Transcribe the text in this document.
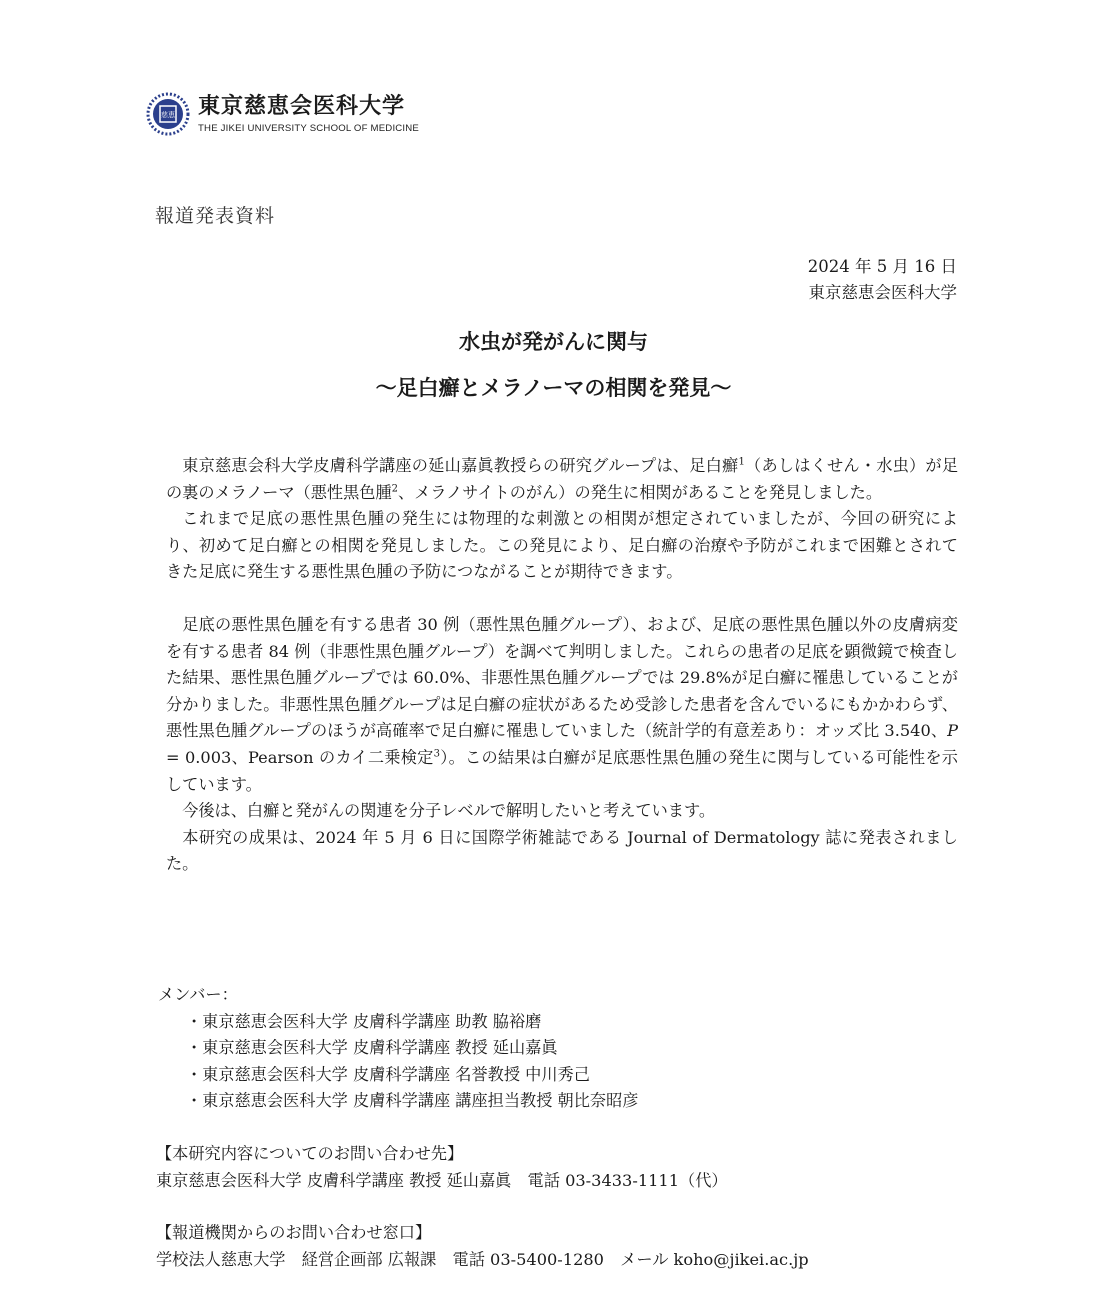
慈恵 東京慈恵会医科大学
THE JIKEI UNIVERSITY SCHOOL OF MEDICINE
報道発表資料
2024 年 5 月 16 日
東京慈恵会医科大学
水虫が発がんに関与
〜足白癬とメラノーマの相関を発見〜

東京慈恵会科大学皮膚科学講座の延山嘉眞教授らの研究グループは、足白癬$^1$（あしはくせん・水虫）が足の裏のメラノーマ（悪性黒色腫$^2$、メラノサイトのがん）の発生に相関があることを発見しました。

これまで足底の悪性黒色腫の発生には物理的な刺激との相関が想定されていましたが、今回の研究により、初めて足白癬との相関を発見しました。この発見により、足白癬の治療や予防がこれまで困難とされてきた足底に発生する悪性黒色腫の予防につながることが期待できます。

足底の悪性黒色腫を有する患者 30 例（悪性黒色腫グループ）、および、足底の悪性黒色腫以外の皮膚病変を有する患者 84 例（非悪性黒色腫グループ）を調べて判明しました。これらの患者の足底を顕微鏡で検査した結果、悪性黒色腫グループでは 60.0%、非悪性黒色腫グループでは 29.8%が足白癬に罹患していることが分かりました。非悪性黒色腫グループは足白癬の症状があるため受診した患者を含んでいるにもかかわらず、悪性黒色腫グループのほうが高確率で足白癬に罹患していました（統計学的有意差あり：オッズ比 3.540、P = 0.003、Pearson のカイ二乗検定$^3$）。この結果は白癬が足底悪性黒色腫の発生に関与している可能性を示しています。

今後は、白癬と発がんの関連を分子レベルで解明したいと考えています。

本研究の成果は、2024 年 5 月 6 日に国際学術雑誌である Journal of Dermatology 誌に発表されました。

メンバー：
・東京慈恵会医科大学 皮膚科学講座 助教 脇裕磨
・東京慈恵会医科大学 皮膚科学講座 教授 延山嘉眞
・東京慈恵会医科大学 皮膚科学講座 名誉教授 中川秀己
・東京慈恵会医科大学 皮膚科学講座 講座担当教授 朝比奈昭彦
【本研究内容についてのお問い合わせ先】
東京慈恵会医科大学 皮膚科学講座 教授 延山嘉眞　電話 03-3433-1111（代）
【報道機関からのお問い合わせ窓口】
学校法人慈恵大学　経営企画部 広報課　電話 03-5400-1280　メール koho@jikei.ac.jp
